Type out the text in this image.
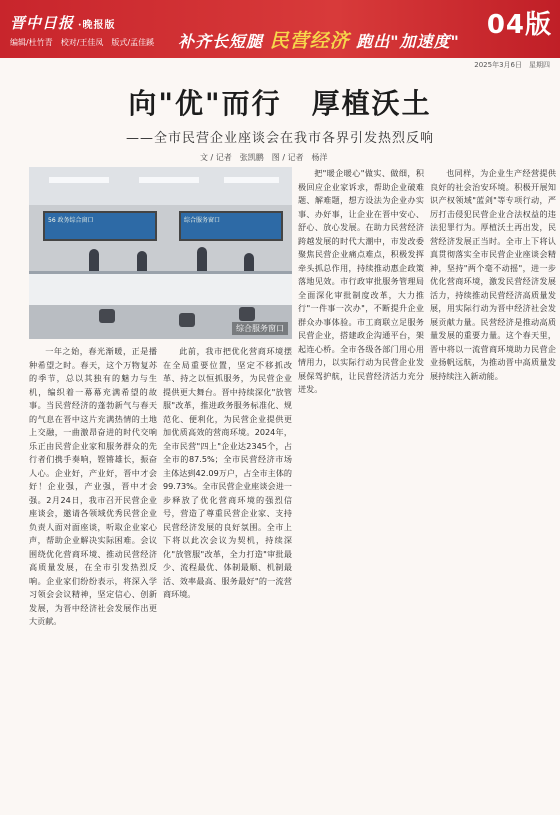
晋中日报 ·晚报版
编辑/杜竹青　校对/王佳凤　版式/孟佳蹊 补齐长短腿 民营经济 跑出"加速度"
04版
2025年3月6日　星期四
向"优"而行　厚植沃土
——全市民营企业座谈会在我市各界引发热烈反响
文 / 记者　张凯鹏　图 / 记者　杨洋
56 政务综合窗口	综合服务窗口
综合服务窗口

一年之始，春光渐暖，正是播种希望之时。春天，这个万物复苏的季节，总以其独有的魅力与生机，编织着一幕幕充满希望的故事。当民营经济的蓬勃新气与春天的气息在晋中这片充满热情的土地上交融，一曲激昂奋进的时代交响乐正由民营企业家和服务群众的先行者们携手奏响，铿锵雄长，振奋人心。企业好，产业好，晋中才会好！企业强，产业强，晋中才会强。2月24日，我市召开民营企业座谈会，邀请各领域优秀民营企业负责人面对面座谈，听取企业家心声，帮助企业解决实际困难。会议围绕优化营商环境、推动民营经济高质量发展，在全市引发热烈反响。企业家们纷纷表示，将深入学习领会会议精神，坚定信心、创新发展，为晋中经济社会发展作出更大贡献。

此前，我市把优化营商环境摆在全局重要位置，坚定不移抓改革、持之以恒抓服务，为民营企业提供更大舞台。晋中持续深化"放管服"改革，推进政务服务标准化、规范化、便利化，为民营企业提供更加优质高效的营商环境。2024年，全市民营"四上"企业达2345个，占全市的87.5%；全市民营经济市场主体达到42.09万户，占全市主体的99.73%。全市民营企业座谈会进一步释放了优化营商环境的强烈信号，营造了尊重民营企业家、支持民营经济发展的良好氛围。全市上下将以此次会议为契机，持续深化"放管服"改革，全力打造"审批最少、流程最优、体制最顺、机制最活、效率最高、服务最好"的一流营商环境。

把"暖企暖心"做实、做细，积极回应企业家诉求，帮助企业破难题、解难题，想方设法为企业办实事、办好事，让企业在晋中安心、舒心、放心发展。在助力民营经济跨越发展的时代大潮中，市发改委聚焦民营企业痛点难点，积极发挥牵头抓总作用，持续推动惠企政策落地见效。市行政审批服务管理局全面深化审批制度改革，大力推行"一件事一次办"，不断提升企业群众办事体验。市工商联立足服务民营企业，搭建政企沟通平台，架起连心桥。全市各级各部门用心用情用力，以实际行动为民营企业发展保驾护航，让民营经济活力充分迸发。

也同样，为企业生产经营提供良好的社会治安环境。积极开展知识产权领域"蓝剑"等专项行动，严厉打击侵犯民营企业合法权益的违法犯罪行为。厚植沃土再出发，民营经济发展正当时。全市上下将认真贯彻落实全市民营企业座谈会精神，坚持"两个毫不动摇"，进一步优化营商环境，激发民营经济发展活力，持续推动民营经济高质量发展，用实际行动为晋中经济社会发展贡献力量。民营经济是推动高质量发展的重要力量。这个春天里，晋中将以一流营商环境助力民营企业扬帆远航，为推动晋中高质量发展持续注入新动能。
